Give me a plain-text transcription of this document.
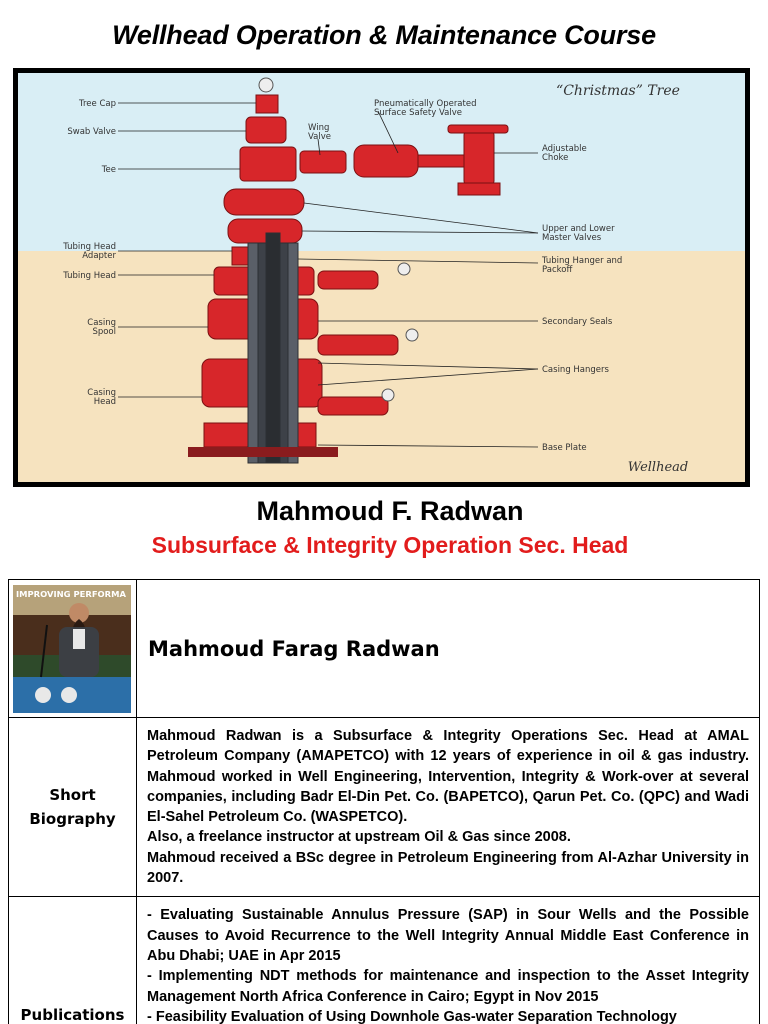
Wellhead Operation & Maintenance Course
“Christmas” Tree
Wellhead
Tree Cap
Swab Valve
Tee
Tubing Head Adapter
Tubing Head
Casing Spool
Casing Head
Pneumatically Operated Surface Safety Valve
Wing Valve
Adjustable Choke
Upper and Lower Master Valves
Tubing Hanger and Packoff
Secondary Seals
Casing Hangers
Base Plate
Mahmoud F. Radwan
Subsurface & Integrity Operation Sec. Head
IMPROVING PERFORMA	Mahmoud Farag Radwan
Short Biography	Mahmoud Radwan is a Subsurface & Integrity Operations Sec. Head at AMAL Petroleum Company (AMAPETCO) with 12 years of experience in oil & gas industry. Mahmoud worked in Well Engineering, Intervention, Integrity & Work-over at several companies, including Badr El-Din Pet. Co. (BAPETCO), Qarun Pet. Co. (QPC) and Wadi El-Sahel Petroleum Co. (WASPETCO).
Also, a freelance instructor at upstream Oil & Gas since 2008.
Mahmoud received a BSc degree in Petroleum Engineering from Al-Azhar University in 2007.

Publications	- Evaluating Sustainable Annulus Pressure (SAP) in Sour Wells and the Possible Causes to Avoid Recurrence to the Well Integrity Annual Middle East Conference in Abu Dhabi; UAE in Apr 2015
- Implementing NDT methods for maintenance and inspection to the Asset Integrity Management North Africa Conference in Cairo; Egypt in Nov 2015
- Feasibility Evaluation of Using Downhole Gas-water Separation Technology
